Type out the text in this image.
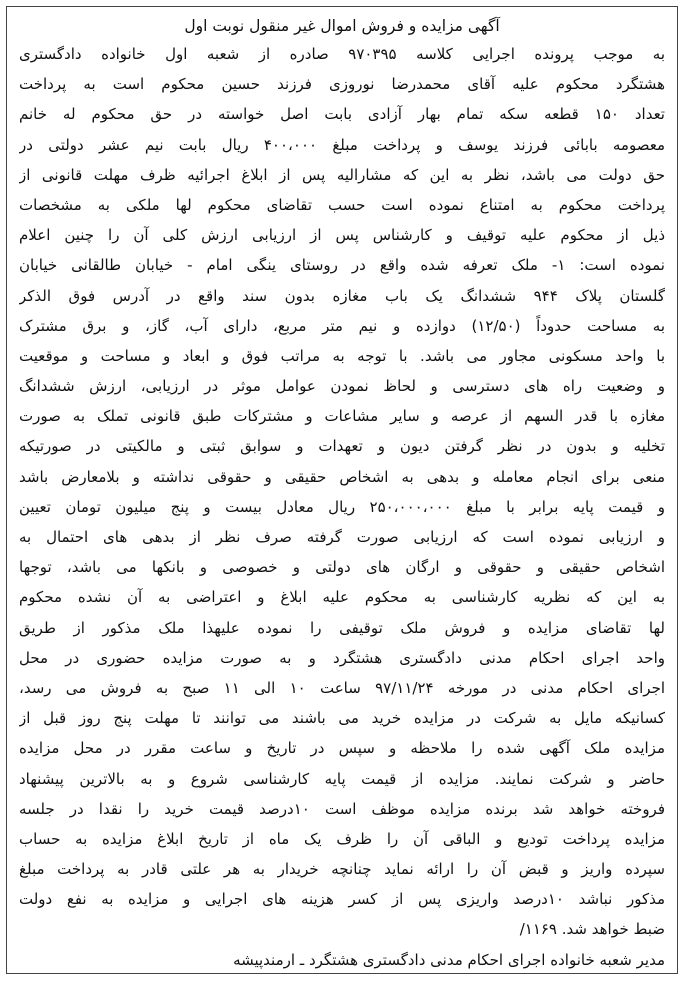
آگهی مزایده و فروش اموال غیر منقول نوبت اول
به موجب پرونده اجرایی کلاسه ۹۷۰۳۹۵ صادره از شعبه اول خانواده دادگستری
هشتگرد محکوم علیه آقای محمدرضا نوروزی فرزند حسین محکوم است به پرداخت
تعداد ۱۵۰ قطعه سکه تمام بهار آزادی بابت اصل خواسته در حق محکوم له خانم
معصومه بابائی فرزند یوسف و پرداخت مبلغ ۴۰۰،۰۰۰ ریال بابت نیم عشر دولتی در
حق دولت می باشد، نظر به این که مشارالیه پس از ابلاغ اجرائیه ظرف مهلت قانونی از
پرداخت محکوم به امتناع نموده است حسب تقاضای محکوم لها ملکی به مشخصات
ذیل از محکوم علیه توقیف و کارشناس پس از ارزیابی ارزش کلی آن را چنین اعلام
نموده است: ۱- ملک تعرفه شده واقع در روستای ینگی امام - خیابان طالقانی خیابان
گلستان پلاک ۹۴۴ ششدانگ یک باب مغازه بدون سند واقع در آدرس فوق الذکر
به مساحت حدوداً (۱۲/۵۰) دوازده و نیم متر مربع، دارای آب، گاز، و برق مشترک
با واحد مسکونی مجاور می باشد. با توجه به مراتب فوق و ابعاد و مساحت و موقعیت
و وضعیت راه های دسترسی و لحاظ نمودن عوامل موثر در ارزیابی، ارزش ششدانگ
مغازه با قدر السهم از عرصه و سایر مشاعات و مشترکات طبق قانونی تملک به صورت
تخلیه و بدون در نظر گرفتن دیون و تعهدات و سوابق ثبتی و مالکیتی در صورتیکه
منعی برای انجام معامله و بدهی به اشخاص حقیقی و حقوقی نداشته و بلامعارض باشد
و قیمت پایه برابر با مبلغ ۲۵۰،۰۰۰،۰۰۰ ریال معادل بیست و پنج میلیون تومان تعیین
و ارزیابی نموده است که ارزیابی صورت گرفته صرف نظر از بدهی های احتمال به
اشخاص حقیقی و حقوقی و ارگان های دولتی و خصوصی و بانکها می باشد، توجها
به این که نظریه کارشناسی به محکوم علیه ابلاغ و اعتراضی به آن نشده محکوم
لها تقاضای مزایده و فروش ملک توقیفی را نموده علیهذا ملک مذکور از طریق
واحد اجرای احکام مدنی دادگستری هشتگرد و به صورت مزایده حضوری در محل
اجرای احکام مدنی در مورخه ۹۷/۱۱/۲۴ ساعت ۱۰ الی ۱۱ صبح به فروش می رسد،
کسانیکه مایل به شرکت در مزایده خرید می باشند می توانند تا مهلت پنج روز قبل از
مزایده ملک آگهی شده را ملاحظه و سپس در تاریخ و ساعت مقرر در محل مزایده
حاضر و شرکت نمایند. مزایده از قیمت پایه کارشناسی شروع و به بالاترین پیشنهاد
فروخته خواهد شد برنده مزایده موظف است ۱۰درصد قیمت خرید را نقدا در جلسه
مزایده پرداخت تودیع و الباقی آن را ظرف یک ماه از تاریخ ابلاغ مزایده به حساب
سپرده واریز و قبض آن را ارائه نماید چنانچه خریدار به هر علتی قادر به پرداخت مبلغ
مذکور نباشد ۱۰درصد واریزی پس از کسر هزینه های اجرایی و مزایده به نفع دولت
ضبط خواهد شد. ۱۱۶۹/
مدیر شعبه خانواده اجرای احکام مدنی دادگستری هشتگرد ـ ارمندپیشه
